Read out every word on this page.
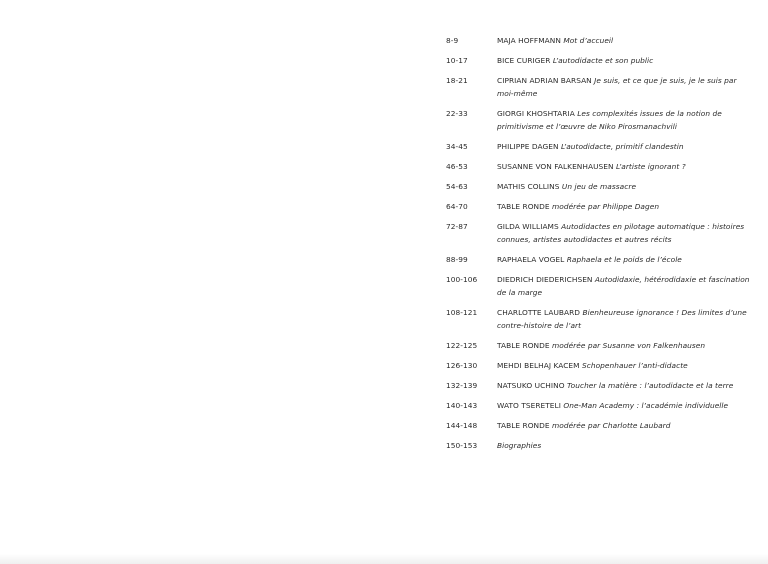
8-9	MAJA HOFFMANN Mot d’accueil
10-17	BICE CURIGER L’autodidacte et son public
18-21	CIPRIAN ADRIAN BARSAN Je suis, et ce que je suis, je le suis par moi-même
22-33	GIORGI KHOSHTARIA Les complexités issues de la notion de primitivisme et l’œuvre de Niko Pirosmanachvili
34-45	PHILIPPE DAGEN L’autodidacte, primitif clandestin
46-53	SUSANNE VON FALKENHAUSEN L’artiste ignorant ?
54-63	MATHIS COLLINS Un jeu de massacre
64-70	TABLE RONDE modérée par Philippe Dagen
72-87	GILDA WILLIAMS Autodidactes en pilotage automatique : histoires connues, artistes autodidactes et autres récits
88-99	RAPHAELA VOGEL Raphaela et le poids de l’école
100-106	DIEDRICH DIEDERICHSEN Autodidaxie, hétérodidaxie et fascination de la marge
108-121	CHARLOTTE LAUBARD Bienheureuse ignorance ! Des limites d’une contre-histoire de l’art
122-125	TABLE RONDE modérée par Susanne von Falkenhausen
126-130	MEHDI BELHAJ KACEM Schopenhauer l’anti-didacte
132-139	NATSUKO UCHINO Toucher la matière : l’autodidacte et la terre
140-143	WATO TSERETELI One-Man Academy : l’académie individuelle
144-148	TABLE RONDE modérée par Charlotte Laubard
150-153	Biographies
